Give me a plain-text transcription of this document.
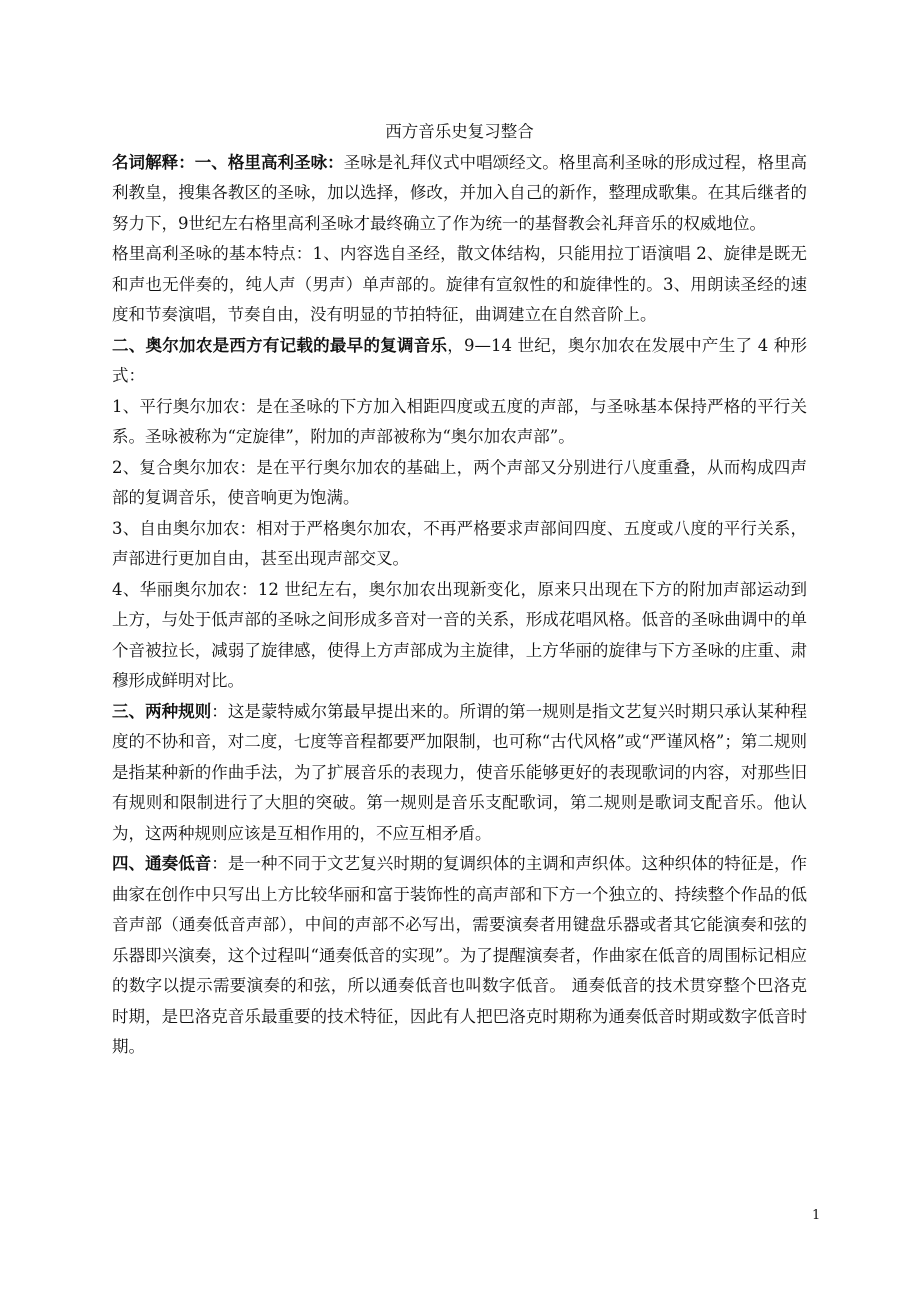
西方音乐史复习整合

名词解释：一、格里高利圣咏：圣咏是礼拜仪式中唱颂经文。格里高利圣咏的形成过程，格里高利教皇，搜集各教区的圣咏，加以选择，修改，并加入自己的新作，整理成歌集。在其后继者的努力下，9世纪左右格里高利圣咏才最终确立了作为统一的基督教会礼拜音乐的权威地位。

格里高利圣咏的基本特点：1、内容选自圣经，散文体结构，只能用拉丁语演唱 2、旋律是既无和声也无伴奏的，纯人声（男声）单声部的。旋律有宣叙性的和旋律性的。3、用朗读圣经的速度和节奏演唱，节奏自由，没有明显的节拍特征，曲调建立在自然音阶上。

二、奥尔加农是西方有记载的最早的复调音乐，9—14 世纪，奥尔加农在发展中产生了 4 种形式：

1、平行奥尔加农：是在圣咏的下方加入相距四度或五度的声部，与圣咏基本保持严格的平行关系。圣咏被称为“定旋律”，附加的声部被称为“奥尔加农声部”。

2、复合奥尔加农：是在平行奥尔加农的基础上，两个声部又分别进行八度重叠，从而构成四声部的复调音乐，使音响更为饱满。

3、自由奥尔加农：相对于严格奥尔加农，不再严格要求声部间四度、五度或八度的平行关系，声部进行更加自由，甚至出现声部交叉。

4、华丽奥尔加农：12 世纪左右，奥尔加农出现新变化，原来只出现在下方的附加声部运动到上方，与处于低声部的圣咏之间形成多音对一音的关系，形成花唱风格。低音的圣咏曲调中的单个音被拉长，减弱了旋律感，使得上方声部成为主旋律，上方华丽的旋律与下方圣咏的庄重、肃穆形成鲜明对比。

三、两种规则：这是蒙特威尔第最早提出来的。所谓的第一规则是指文艺复兴时期只承认某种程度的不协和音，对二度，七度等音程都要严加限制，也可称“古代风格”或“严谨风格”；第二规则是指某种新的作曲手法，为了扩展音乐的表现力，使音乐能够更好的表现歌词的内容，对那些旧有规则和限制进行了大胆的突破。第一规则是音乐支配歌词，第二规则是歌词支配音乐。他认为，这两种规则应该是互相作用的，不应互相矛盾。

四、通奏低音：是一种不同于文艺复兴时期的复调织体的主调和声织体。这种织体的特征是，作曲家在创作中只写出上方比较华丽和富于装饰性的高声部和下方一个独立的、持续整个作品的低音声部（通奏低音声部），中间的声部不必写出，需要演奏者用键盘乐器或者其它能演奏和弦的乐器即兴演奏，这个过程叫“通奏低音的实现”。为了提醒演奏者，作曲家在低音的周围标记相应的数字以提示需要演奏的和弦，所以通奏低音也叫数字低音。 通奏低音的技术贯穿整个巴洛克时期，是巴洛克音乐最重要的技术特征，因此有人把巴洛克时期称为通奏低音时期或数字低音时期。

1
